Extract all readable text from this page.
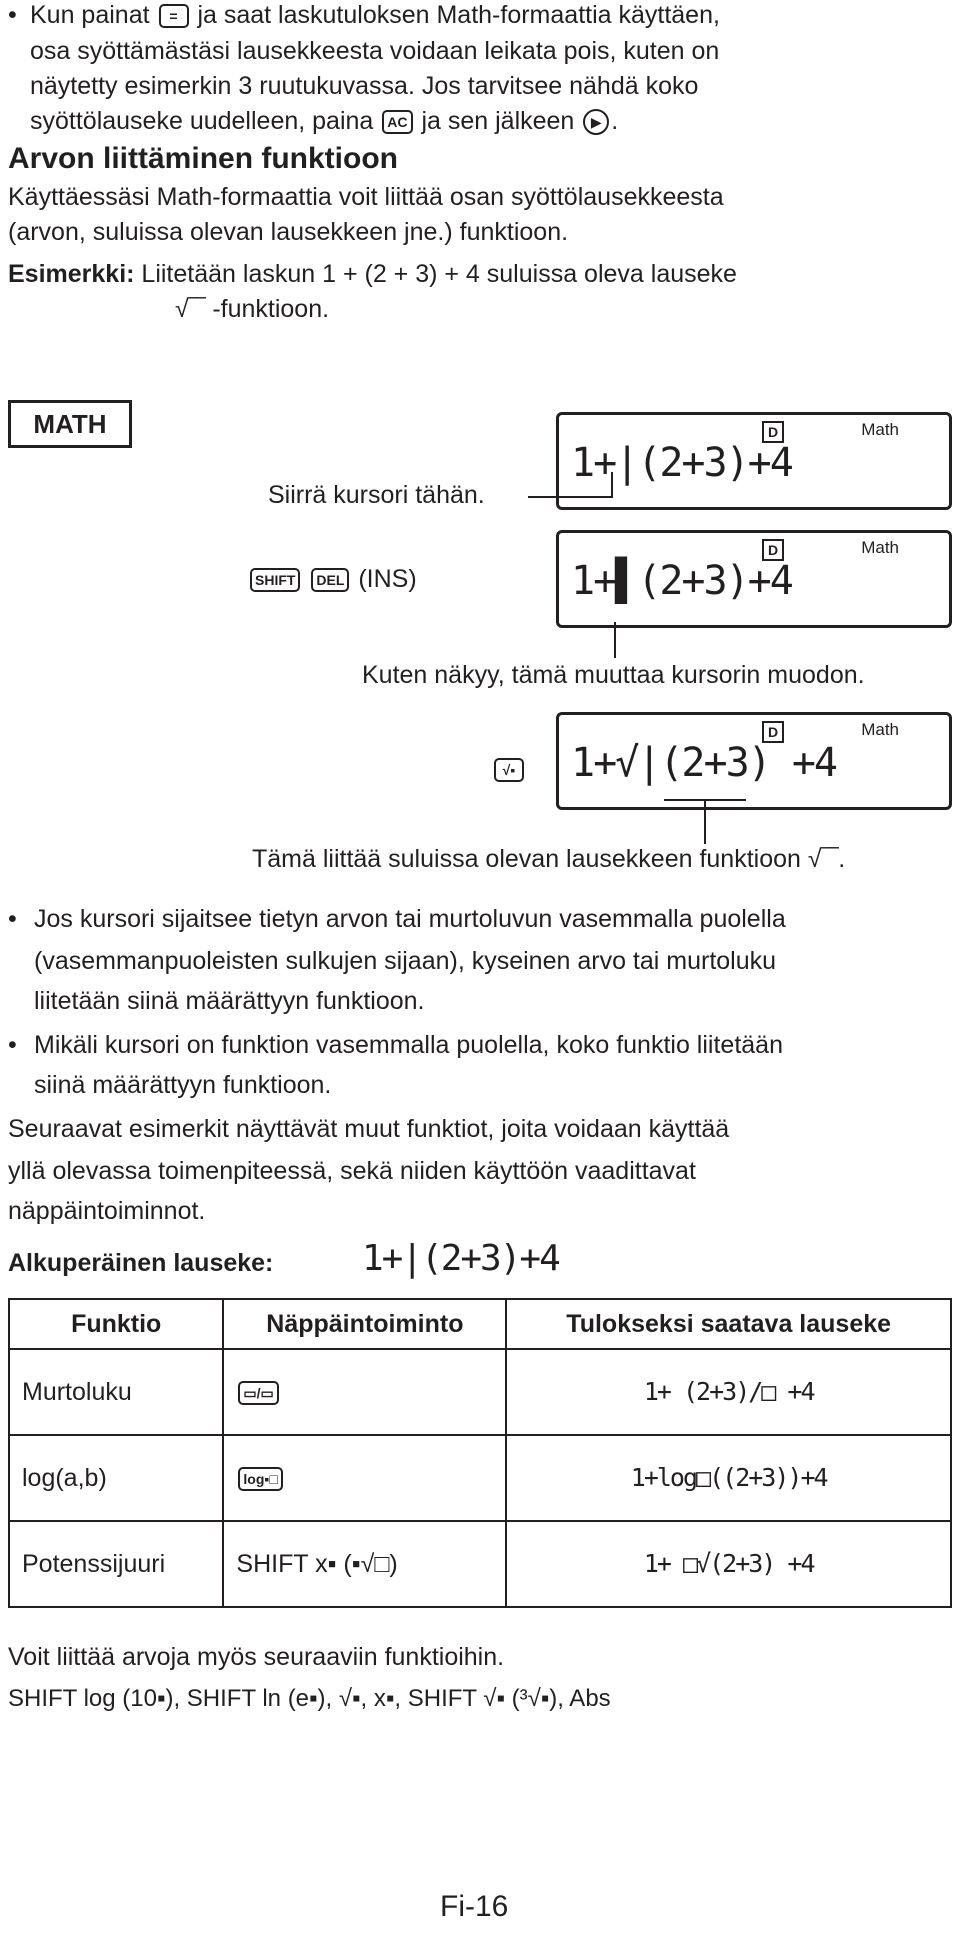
• Kun painat = ja saat laskutuloksen Math-formaattia käyttäen,
osa syöttämästäsi lausekkeesta voidaan leikata pois, kuten on
näytetty esimerkin 3 ruutukuvassa. Jos tarvitsee nähdä koko
syöttölauseke uudelleen, paina AC ja sen jälkeen ▶ .
Arvon liittäminen funktioon
Käyttäessäsi Math-formaattia voit liittää osan syöttölausekkeesta
(arvon, suluissa olevan lausekkeen jne.) funktioon.
Esimerkki: Liitetään laskun 1 + (2 + 3) + 4 suluissa oleva lauseke
√‾‾ -funktioon.
MATH	D	Math
1+|(2+3)+4
Siirrä kursori tähän.
SHIFT DEL (INS)
D	Math
1+▌(2+3)+4
Kuten näkyy, tämä muuttaa kursorin muodon.
√▪
D	Math
1+√|(2+3) +4
Tämä liittää suluissa olevan lausekkeen funktioon √‾‾.
• Jos kursori sijaitsee tietyn arvon tai murtoluvun vasemmalla puolella
(vasemmanpuoleisten sulkujen sijaan), kyseinen arvo tai murtoluku
liitetään siinä määrättyyn funktioon.
• Mikäli kursori on funktion vasemmalla puolella, koko funktio liitetään
siinä määrättyyn funktioon.
Seuraavat esimerkit näyttävät muut funktiot, joita voidaan käyttää
yllä olevassa toimenpiteessä, sekä niiden käyttöön vaadittavat
näppäintoiminnot.
Alkuperäinen lauseke: 1+|(2+3)+4
Funktio	Näppäintoiminto	Tulokseksi saatava lauseke
Murtoluku	▭/▭	1+ (2+3)/□ +4
log(a,b)	log▪□	1+log□((2+3))+4
Potenssijuuri	SHIFT x▪ (▪√□)	1+ □√(2+3) +4
Voit liittää arvoja myös seuraaviin funktioihin.
SHIFT log (10▪), SHIFT ln (e▪), √▪, x▪, SHIFT √▪ (³√▪), Abs
Fi-16
